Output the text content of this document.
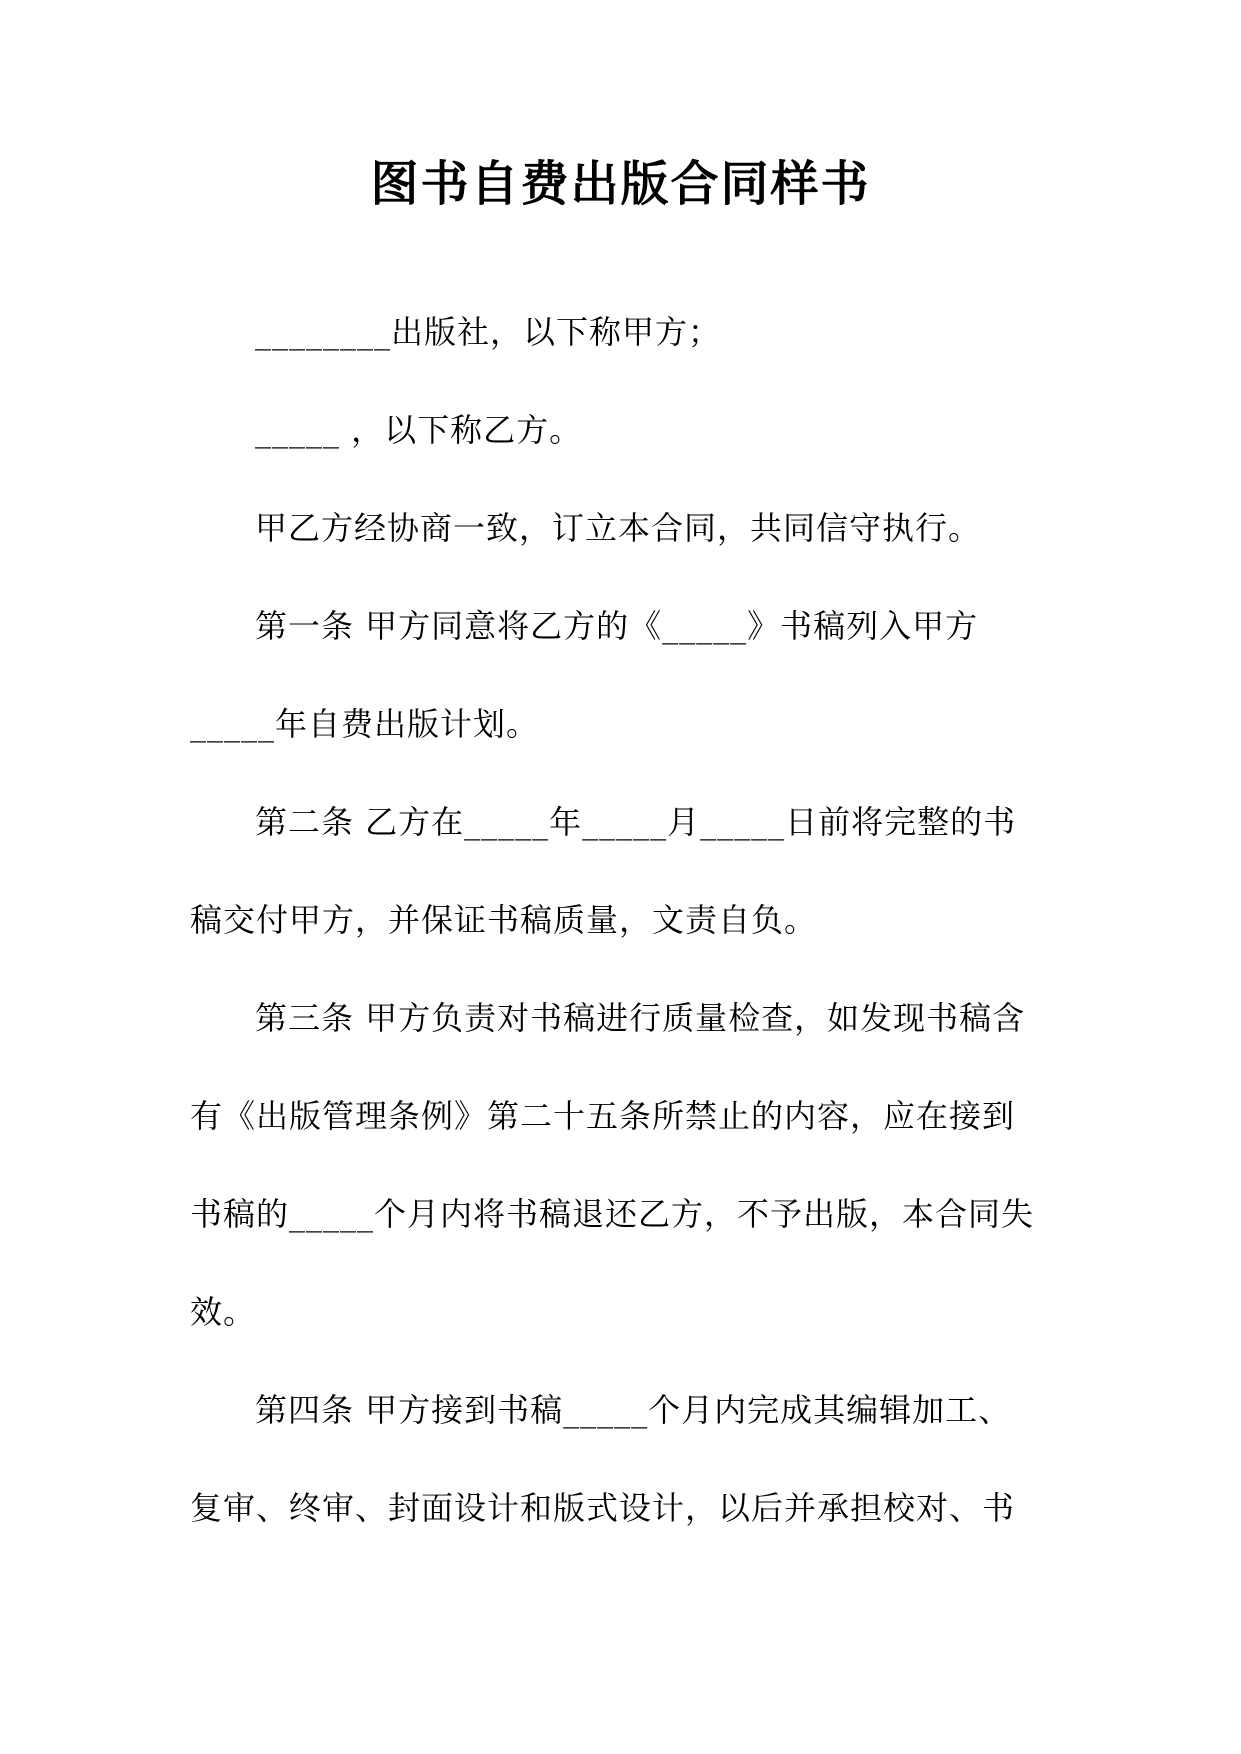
图书自费出版合同样书
________出版社，以下称甲方；
_____ ，以下称乙方。
甲乙方经协商一致，订立本合同，共同信守执行。
第一条 甲方同意将乙方的《_____》书稿列入甲方
_____年自费出版计划。
第二条 乙方在_____年_____月_____日前将完整的书
稿交付甲方，并保证书稿质量，文责自负。
第三条 甲方负责对书稿进行质量检查，如发现书稿含
有《出版管理条例》第二十五条所禁止的内容，应在接到
书稿的_____个月内将书稿退还乙方，不予出版，本合同失
效。
第四条 甲方接到书稿_____个月内完成其编辑加工、
复审、终审、封面设计和版式设计，以后并承担校对、书
